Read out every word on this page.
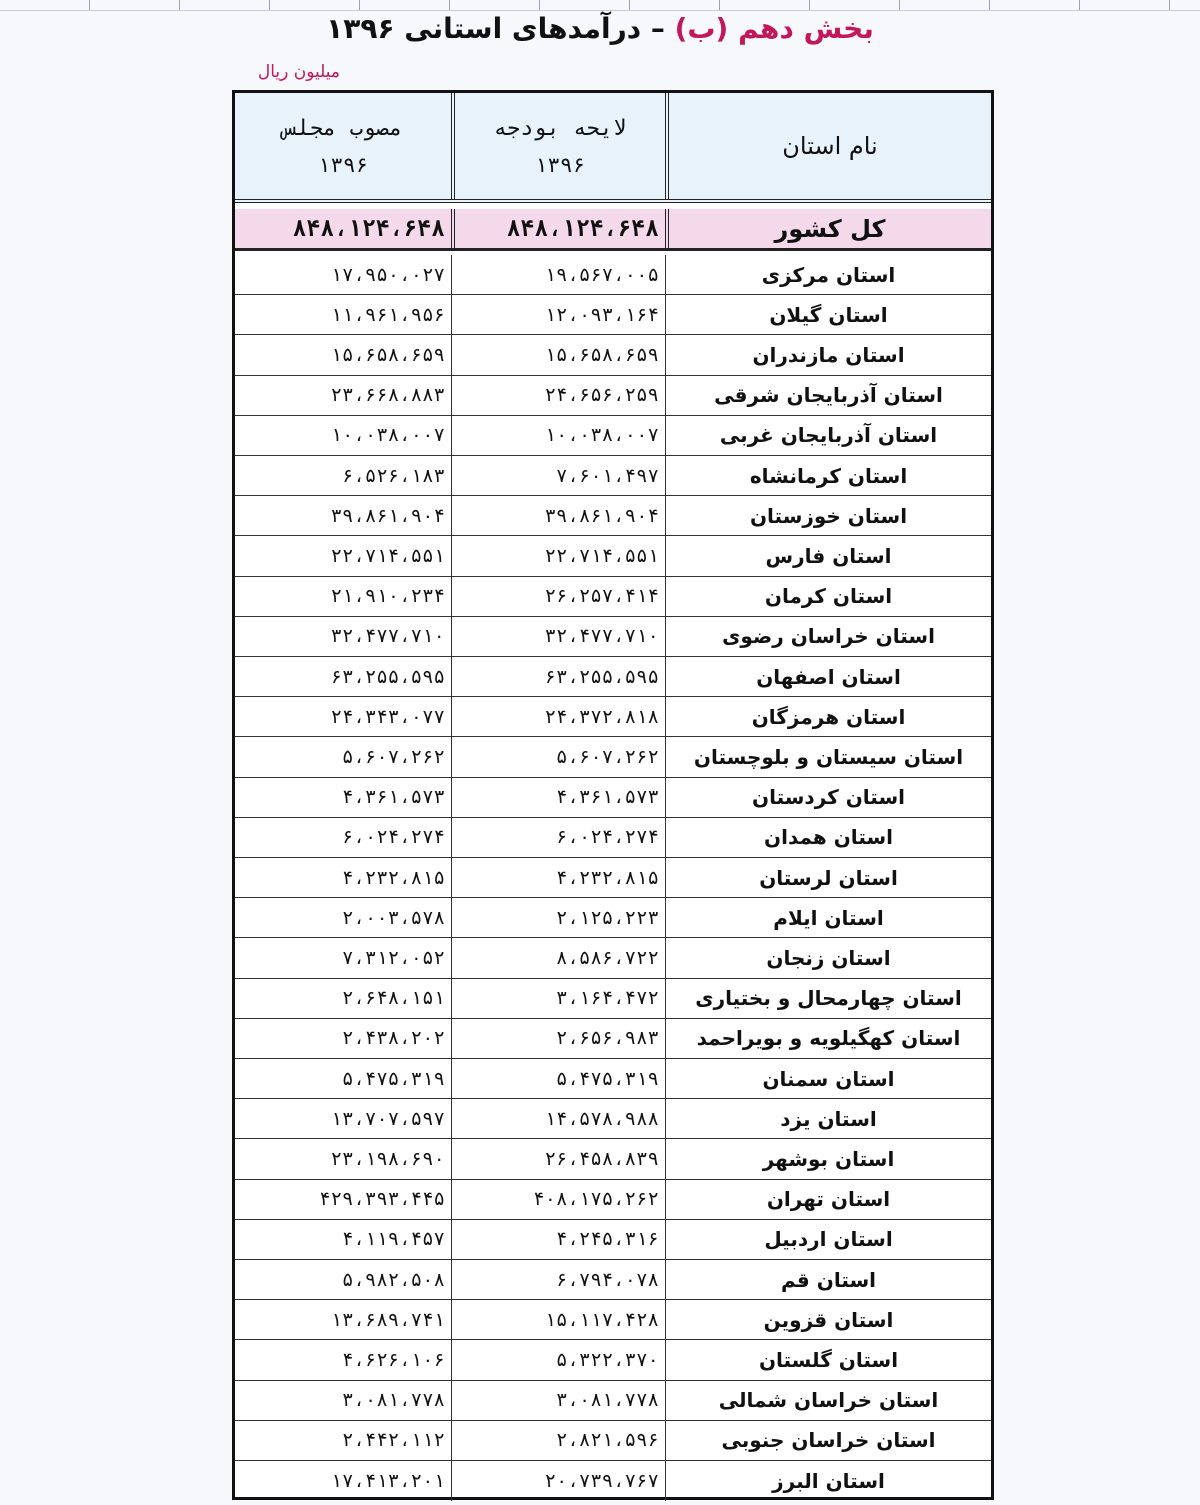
بخش دهم (ب) – درآمدهای استانی ۱۳۹۶
میلیون ریال
نام استان
لایحه بودجه
۱۳۹۶
مصوب مجلس
۱۳۹۶
کل کشور
۸۴۸،۱۲۴،۶۴۸
۸۴۸،۱۲۴،۶۴۸
استان مرکزی
۱۹،۵۶۷،۰۰۵
۱۷،۹۵۰،۰۲۷
استان گیلان
۱۲،۰۹۳،۱۶۴
۱۱،۹۶۱،۹۵۶
استان مازندران
۱۵،۶۵۸،۶۵۹
۱۵،۶۵۸،۶۵۹
استان آذربایجان شرقی
۲۴،۶۵۶،۲۵۹
۲۳،۶۶۸،۸۸۳
استان آذربایجان غربی
۱۰،۰۳۸،۰۰۷
۱۰،۰۳۸،۰۰۷
استان کرمانشاه
۷،۶۰۱،۴۹۷
۶،۵۲۶،۱۸۳
استان خوزستان
۳۹،۸۶۱،۹۰۴
۳۹،۸۶۱،۹۰۴
استان فارس
۲۲،۷۱۴،۵۵۱
۲۲،۷۱۴،۵۵۱
استان کرمان
۲۶،۲۵۷،۴۱۴
۲۱،۹۱۰،۲۳۴
استان خراسان رضوی
۳۲،۴۷۷،۷۱۰
۳۲،۴۷۷،۷۱۰
استان اصفهان
۶۳،۲۵۵،۵۹۵
۶۳،۲۵۵،۵۹۵
استان هرمزگان
۲۴،۳۷۲،۸۱۸
۲۴،۳۴۳،۰۷۷
استان سیستان و بلوچستان
۵،۶۰۷،۲۶۲
۵،۶۰۷،۲۶۲
استان کردستان
۴،۳۶۱،۵۷۳
۴،۳۶۱،۵۷۳
استان همدان
۶،۰۲۴،۲۷۴
۶،۰۲۴،۲۷۴
استان لرستان
۴،۲۳۲،۸۱۵
۴،۲۳۲،۸۱۵
استان ایلام
۲،۱۲۵،۲۲۳
۲،۰۰۳،۵۷۸
استان زنجان
۸،۵۸۶،۷۲۲
۷،۳۱۲،۰۵۲
استان چهارمحال و بختیاری
۳،۱۶۴،۴۷۲
۲،۶۴۸،۱۵۱
استان کهگیلویه و بویراحمد
۲،۶۵۶،۹۸۳
۲،۴۳۸،۲۰۲
استان سمنان
۵،۴۷۵،۳۱۹
۵،۴۷۵،۳۱۹
استان یزد
۱۴،۵۷۸،۹۸۸
۱۳،۷۰۷،۵۹۷
استان بوشهر
۲۶،۴۵۸،۸۳۹
۲۳،۱۹۸،۶۹۰
استان تهران
۴۰۸،۱۷۵،۲۶۲
۴۲۹،۳۹۳،۴۴۵
استان اردبیل
۴،۲۴۵،۳۱۶
۴،۱۱۹،۴۵۷
استان قم
۶،۷۹۴،۰۷۸
۵،۹۸۲،۵۰۸
استان قزوین
۱۵،۱۱۷،۴۲۸
۱۳،۶۸۹،۷۴۱
استان گلستان
۵،۳۲۲،۳۷۰
۴،۶۲۶،۱۰۶
استان خراسان شمالی
۳،۰۸۱،۷۷۸
۳،۰۸۱،۷۷۸
استان خراسان جنوبی
۲،۸۲۱،۵۹۶
۲،۴۴۲،۱۱۲
استان البرز
۲۰،۷۳۹،۷۶۷
۱۷،۴۱۳،۲۰۱
